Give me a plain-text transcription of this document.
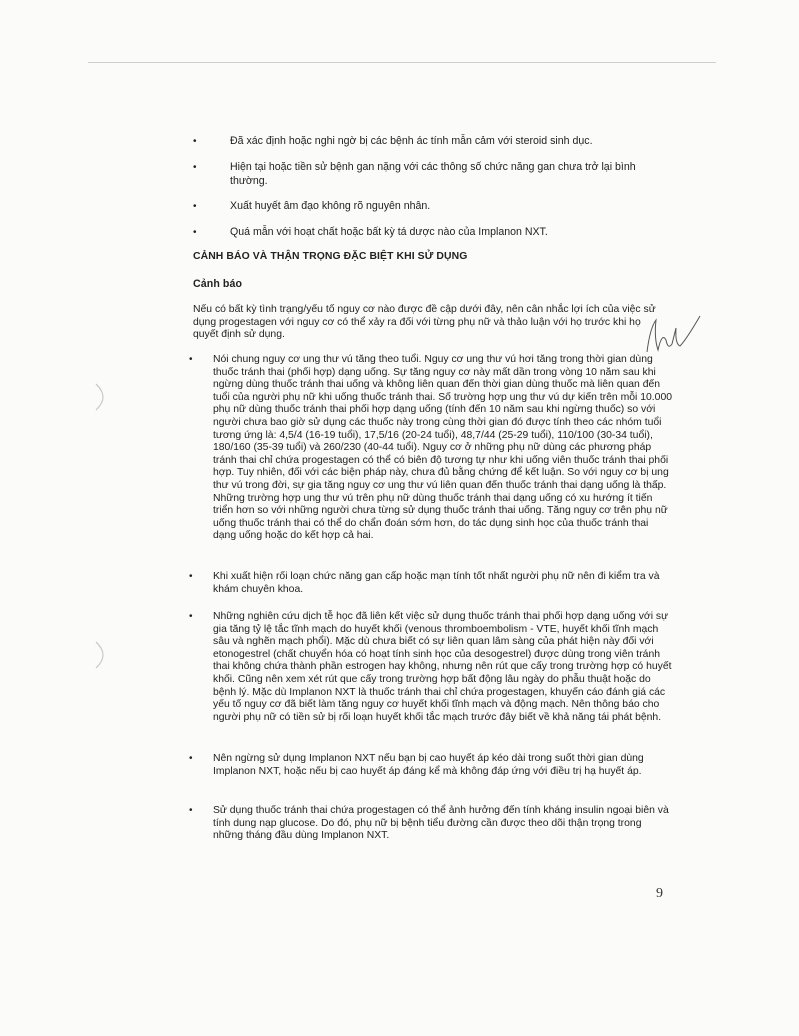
•	Đã xác định hoặc nghi ngờ bị các bệnh ác tính mẫn cảm với steroid sinh dục.
•	Hiện tại hoặc tiền sử bệnh gan nặng với các thông số chức năng gan chưa trở lại bình thường.
•	Xuất huyết âm đạo không rõ nguyên nhân.
•	Quá mẫn với hoạt chất hoặc bất kỳ tá dược nào của Implanon NXT.
CẢNH BÁO VÀ THẬN TRỌNG ĐẶC BIỆT KHI SỬ DỤNG
Cảnh báo
Nếu có bất kỳ tình trạng/yếu tố nguy cơ nào được đề cập dưới đây, nên cân nhắc lợi ích của việc sử dụng progestagen với nguy cơ có thể xảy ra đối với từng phụ nữ và thảo luận với họ trước khi họ quyết định sử dụng.
• Nói chung nguy cơ ung thư vú tăng theo tuổi. Nguy cơ ung thư vú hơi tăng trong thời gian dùng thuốc tránh thai (phối hợp) dạng uống. Sự tăng nguy cơ này mất dần trong vòng 10 năm sau khi ngừng dùng thuốc tránh thai uống và không liên quan đến thời gian dùng thuốc mà liên quan đến tuổi của người phụ nữ khi uống thuốc tránh thai. Số trường hợp ung thư vú dự kiến trên mỗi 10.000 phụ nữ dùng thuốc tránh thai phối hợp dạng uống (tính đến 10 năm sau khi ngừng thuốc) so với người chưa bao giờ sử dụng các thuốc này trong cùng thời gian đó được tính theo các nhóm tuổi tương ứng là: 4,5/4 (16-19 tuổi), 17,5/16 (20-24 tuổi), 48,7/44 (25-29 tuổi), 110/100 (30-34 tuổi), 180/160 (35-39 tuổi) và 260/230 (40-44 tuổi). Nguy cơ ở những phụ nữ dùng các phương pháp tránh thai chỉ chứa progestagen có thể có biên độ tương tự như khi uống viên thuốc tránh thai phối hợp. Tuy nhiên, đối với các biện pháp này, chưa đủ bằng chứng để kết luận. So với nguy cơ bị ung thư vú trong đời, sự gia tăng nguy cơ ung thư vú liên quan đến thuốc tránh thai dạng uống là thấp. Những trường hợp ung thư vú trên phụ nữ dùng thuốc tránh thai dạng uống có xu hướng ít tiến triển hơn so với những người chưa từng sử dụng thuốc tránh thai uống. Tăng nguy cơ trên phụ nữ uống thuốc tránh thai có thể do chẩn đoán sớm hơn, do tác dụng sinh học của thuốc tránh thai dạng uống hoặc do kết hợp cả hai.
• Khi xuất hiện rối loạn chức năng gan cấp hoặc mạn tính tốt nhất người phụ nữ nên đi kiểm tra và khám chuyên khoa.
• Những nghiên cứu dịch tễ học đã liên kết việc sử dụng thuốc tránh thai phối hợp dạng uống với sự gia tăng tỷ lệ tắc tĩnh mạch do huyết khối (venous thromboembolism - VTE, huyết khối tĩnh mạch sâu và nghẽn mạch phổi). Mặc dù chưa biết có sự liên quan lâm sàng của phát hiện này đối với etonogestrel (chất chuyển hóa có hoạt tính sinh học của desogestrel) được dùng trong viên tránh thai không chứa thành phần estrogen hay không, nhưng nên rút que cấy trong trường hợp có huyết khối. Cũng nên xem xét rút que cấy trong trường hợp bất động lâu ngày do phẫu thuật hoặc do bệnh lý. Mặc dù Implanon NXT là thuốc tránh thai chỉ chứa progestagen, khuyến cáo đánh giá các yếu tố nguy cơ đã biết làm tăng nguy cơ huyết khối tĩnh mạch và động mạch. Nên thông báo cho người phụ nữ có tiền sử bị rối loạn huyết khối tắc mạch trước đây biết về khả năng tái phát bệnh.
• Nên ngừng sử dụng Implanon NXT nếu bạn bị cao huyết áp kéo dài trong suốt thời gian dùng Implanon NXT, hoặc nếu bị cao huyết áp đáng kể mà không đáp ứng với điều trị hạ huyết áp.
• Sử dụng thuốc tránh thai chứa progestagen có thể ảnh hưởng đến tính kháng insulin ngoại biên và tính dung nạp glucose. Do đó, phụ nữ bị bệnh tiểu đường cần được theo dõi thận trọng trong những tháng đầu dùng Implanon NXT.
9
